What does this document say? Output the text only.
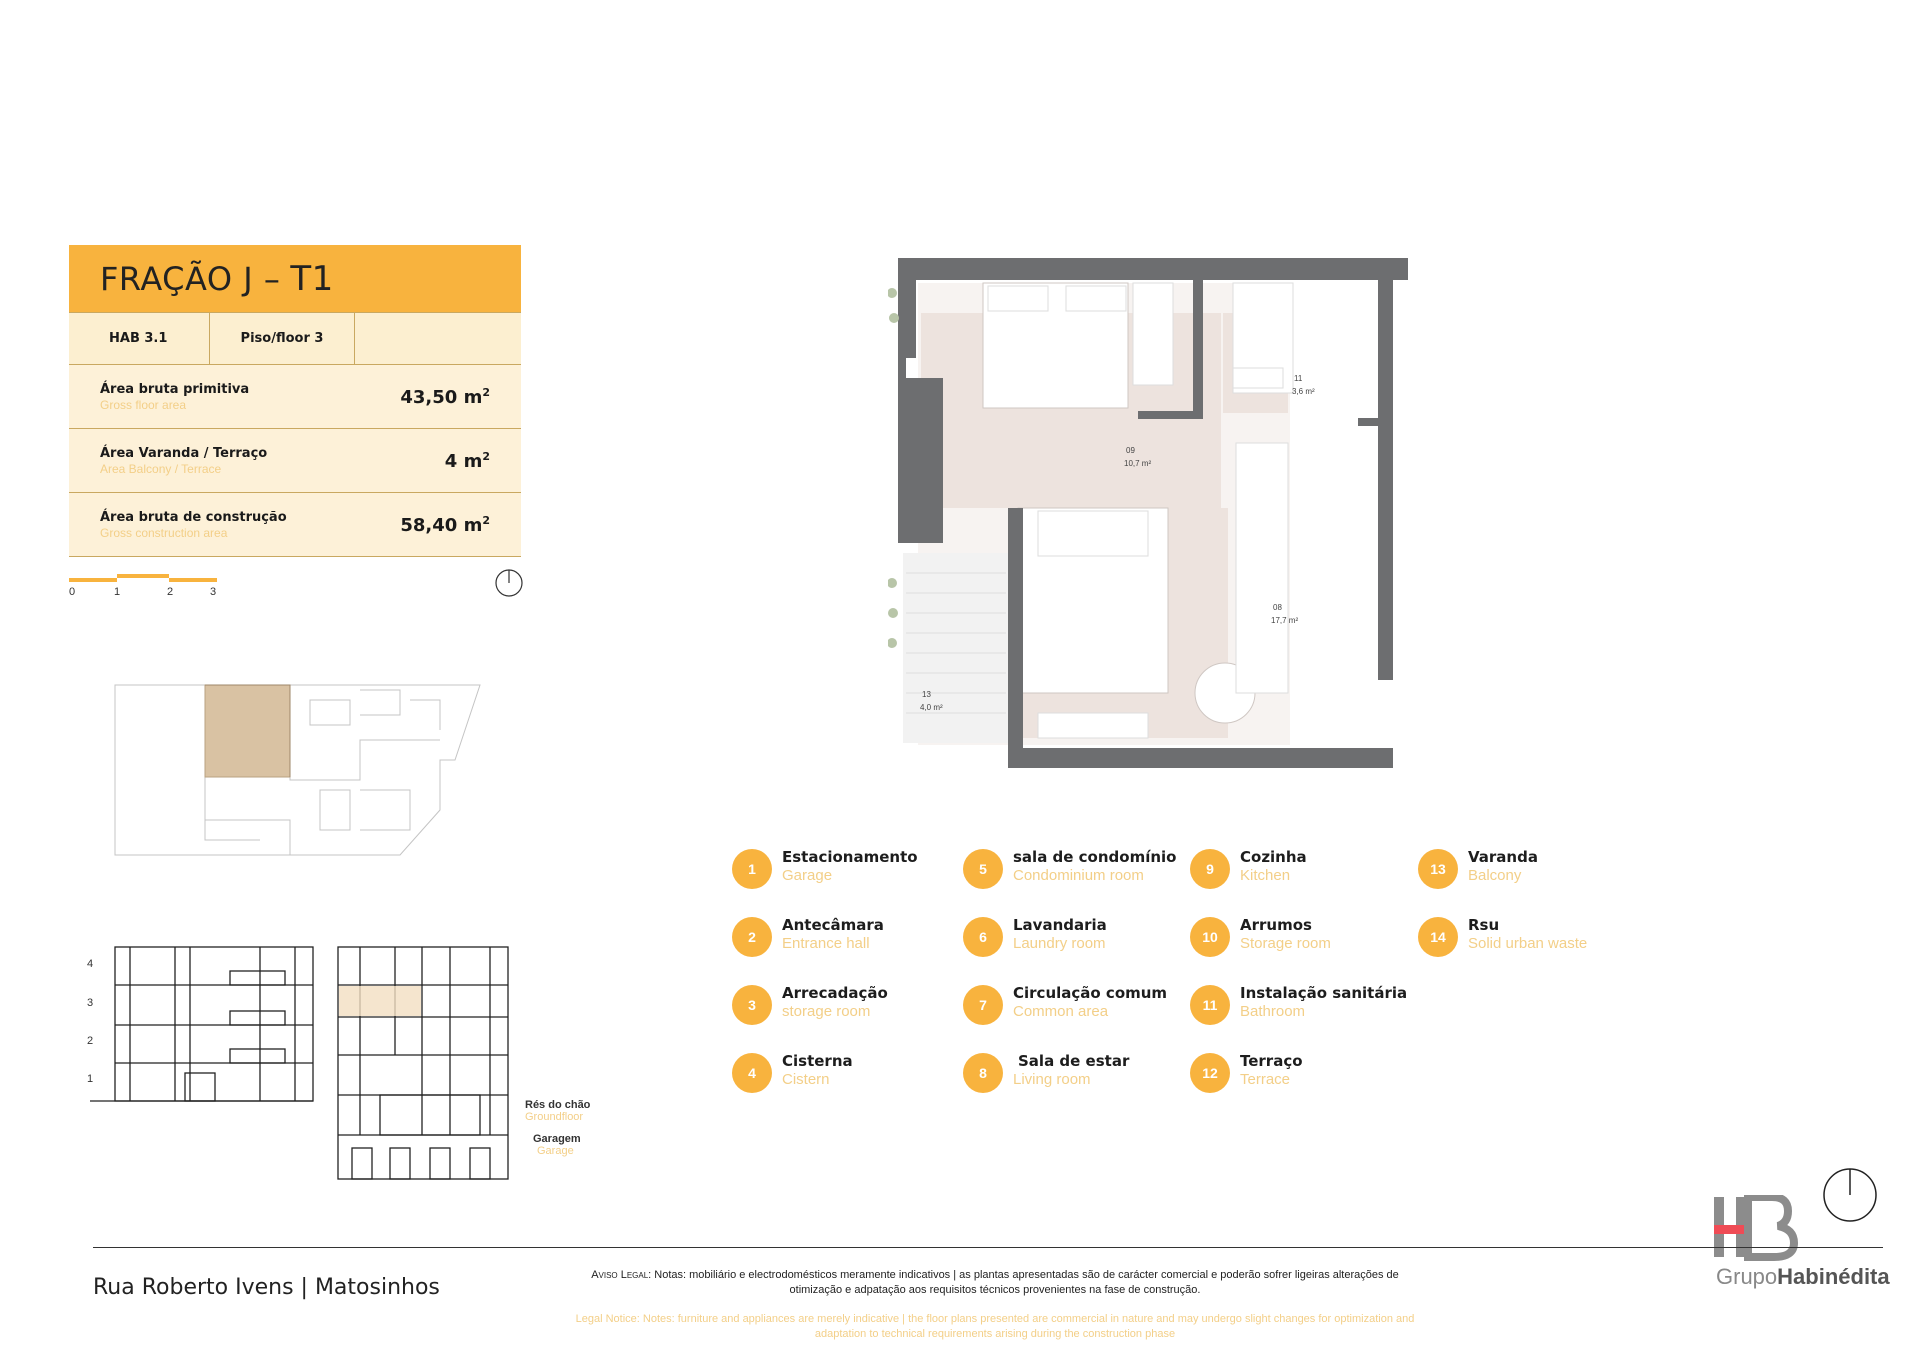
FRAÇÃO J – T1
HAB 3.1	Piso/floor 3
Área bruta primitiva
Gross floor area	43,50 $m^2$
Área Varanda / Terraço
Area Balcony / Terrace	4 $m^2$
Área bruta de construção
Gross construction area	58,40 $m^2$
0	1	2	3
09
10,7 m²
08
17,7 m²
11
3,6 m²
13
4,0 m²
4
3
2
1
Rés do chão
Groundfloor
Garagem
Garage
1
Estacionamento
Garage
2
Antecâmara
Entrance hall
3
Arrecadação
storage room
4
Cisterna
Cistern
5
sala de condomínio
Condominium room
6
Lavandaria
Laundry room
7
Circulação comum
Common area
8
Sala de estar
Living room
9
Cozinha
Kitchen
10
Arrumos
Storage room
11
Instalação sanitária
Bathroom
12
Terraço
Terrace
13
Varanda
Balcony
14
Rsu
Solid urban waste
GrupoHabinédita
Rua Roberto Ivens | Matosinhos	Aviso Legal: Notas: mobiliário e electrodomésticos meramente indicativos | as plantas apresentadas são de carácter comercial e poderão sofrer ligeiras alterações de otimização e adpatação aos requisitos técnicos provenientes na fase de construção.
Legal Notice: Notes: furniture and appliances are merely indicative | the floor plans presented are commercial in nature and may undergo slight changes for optimization and adaptation to technical requirements arising during the construction phase
